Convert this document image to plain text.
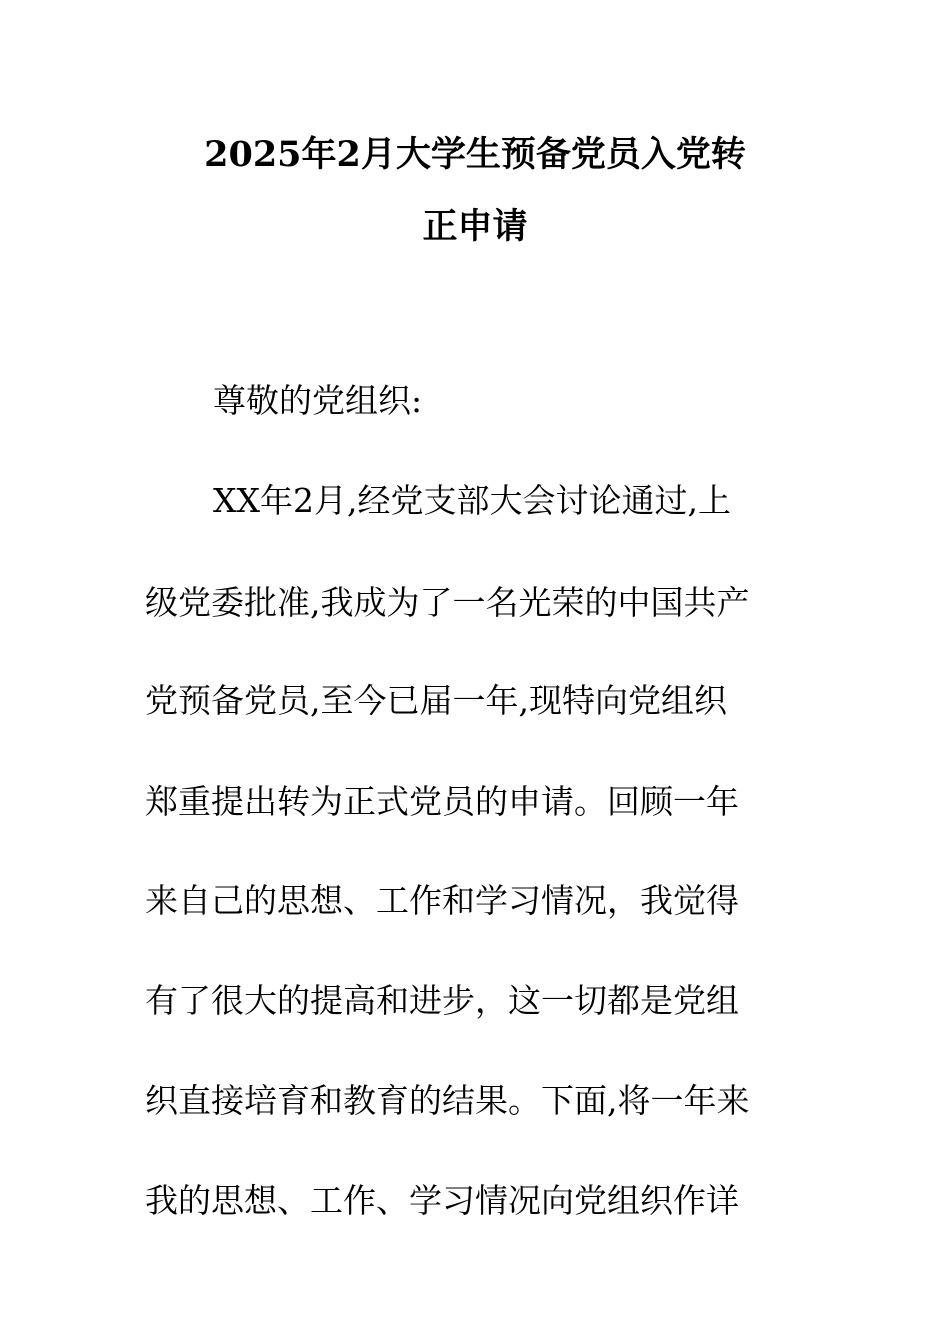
2025年2月大学生预备党员入党转
正申请

尊敬的党组织:

XX年2月,经党支部大会讨论通过,上

级党委批准,我成为了一名光荣的中国共产

党预备党员,至今已届一年,现特向党组织

郑重提出转为正式党员的申请。回顾一年

来自己的思想、工作和学习情况，我觉得

有了很大的提高和进步，这一切都是党组

织直接培育和教育的结果。下面,将一年来

我的思想、工作、学习情况向党组织作详
